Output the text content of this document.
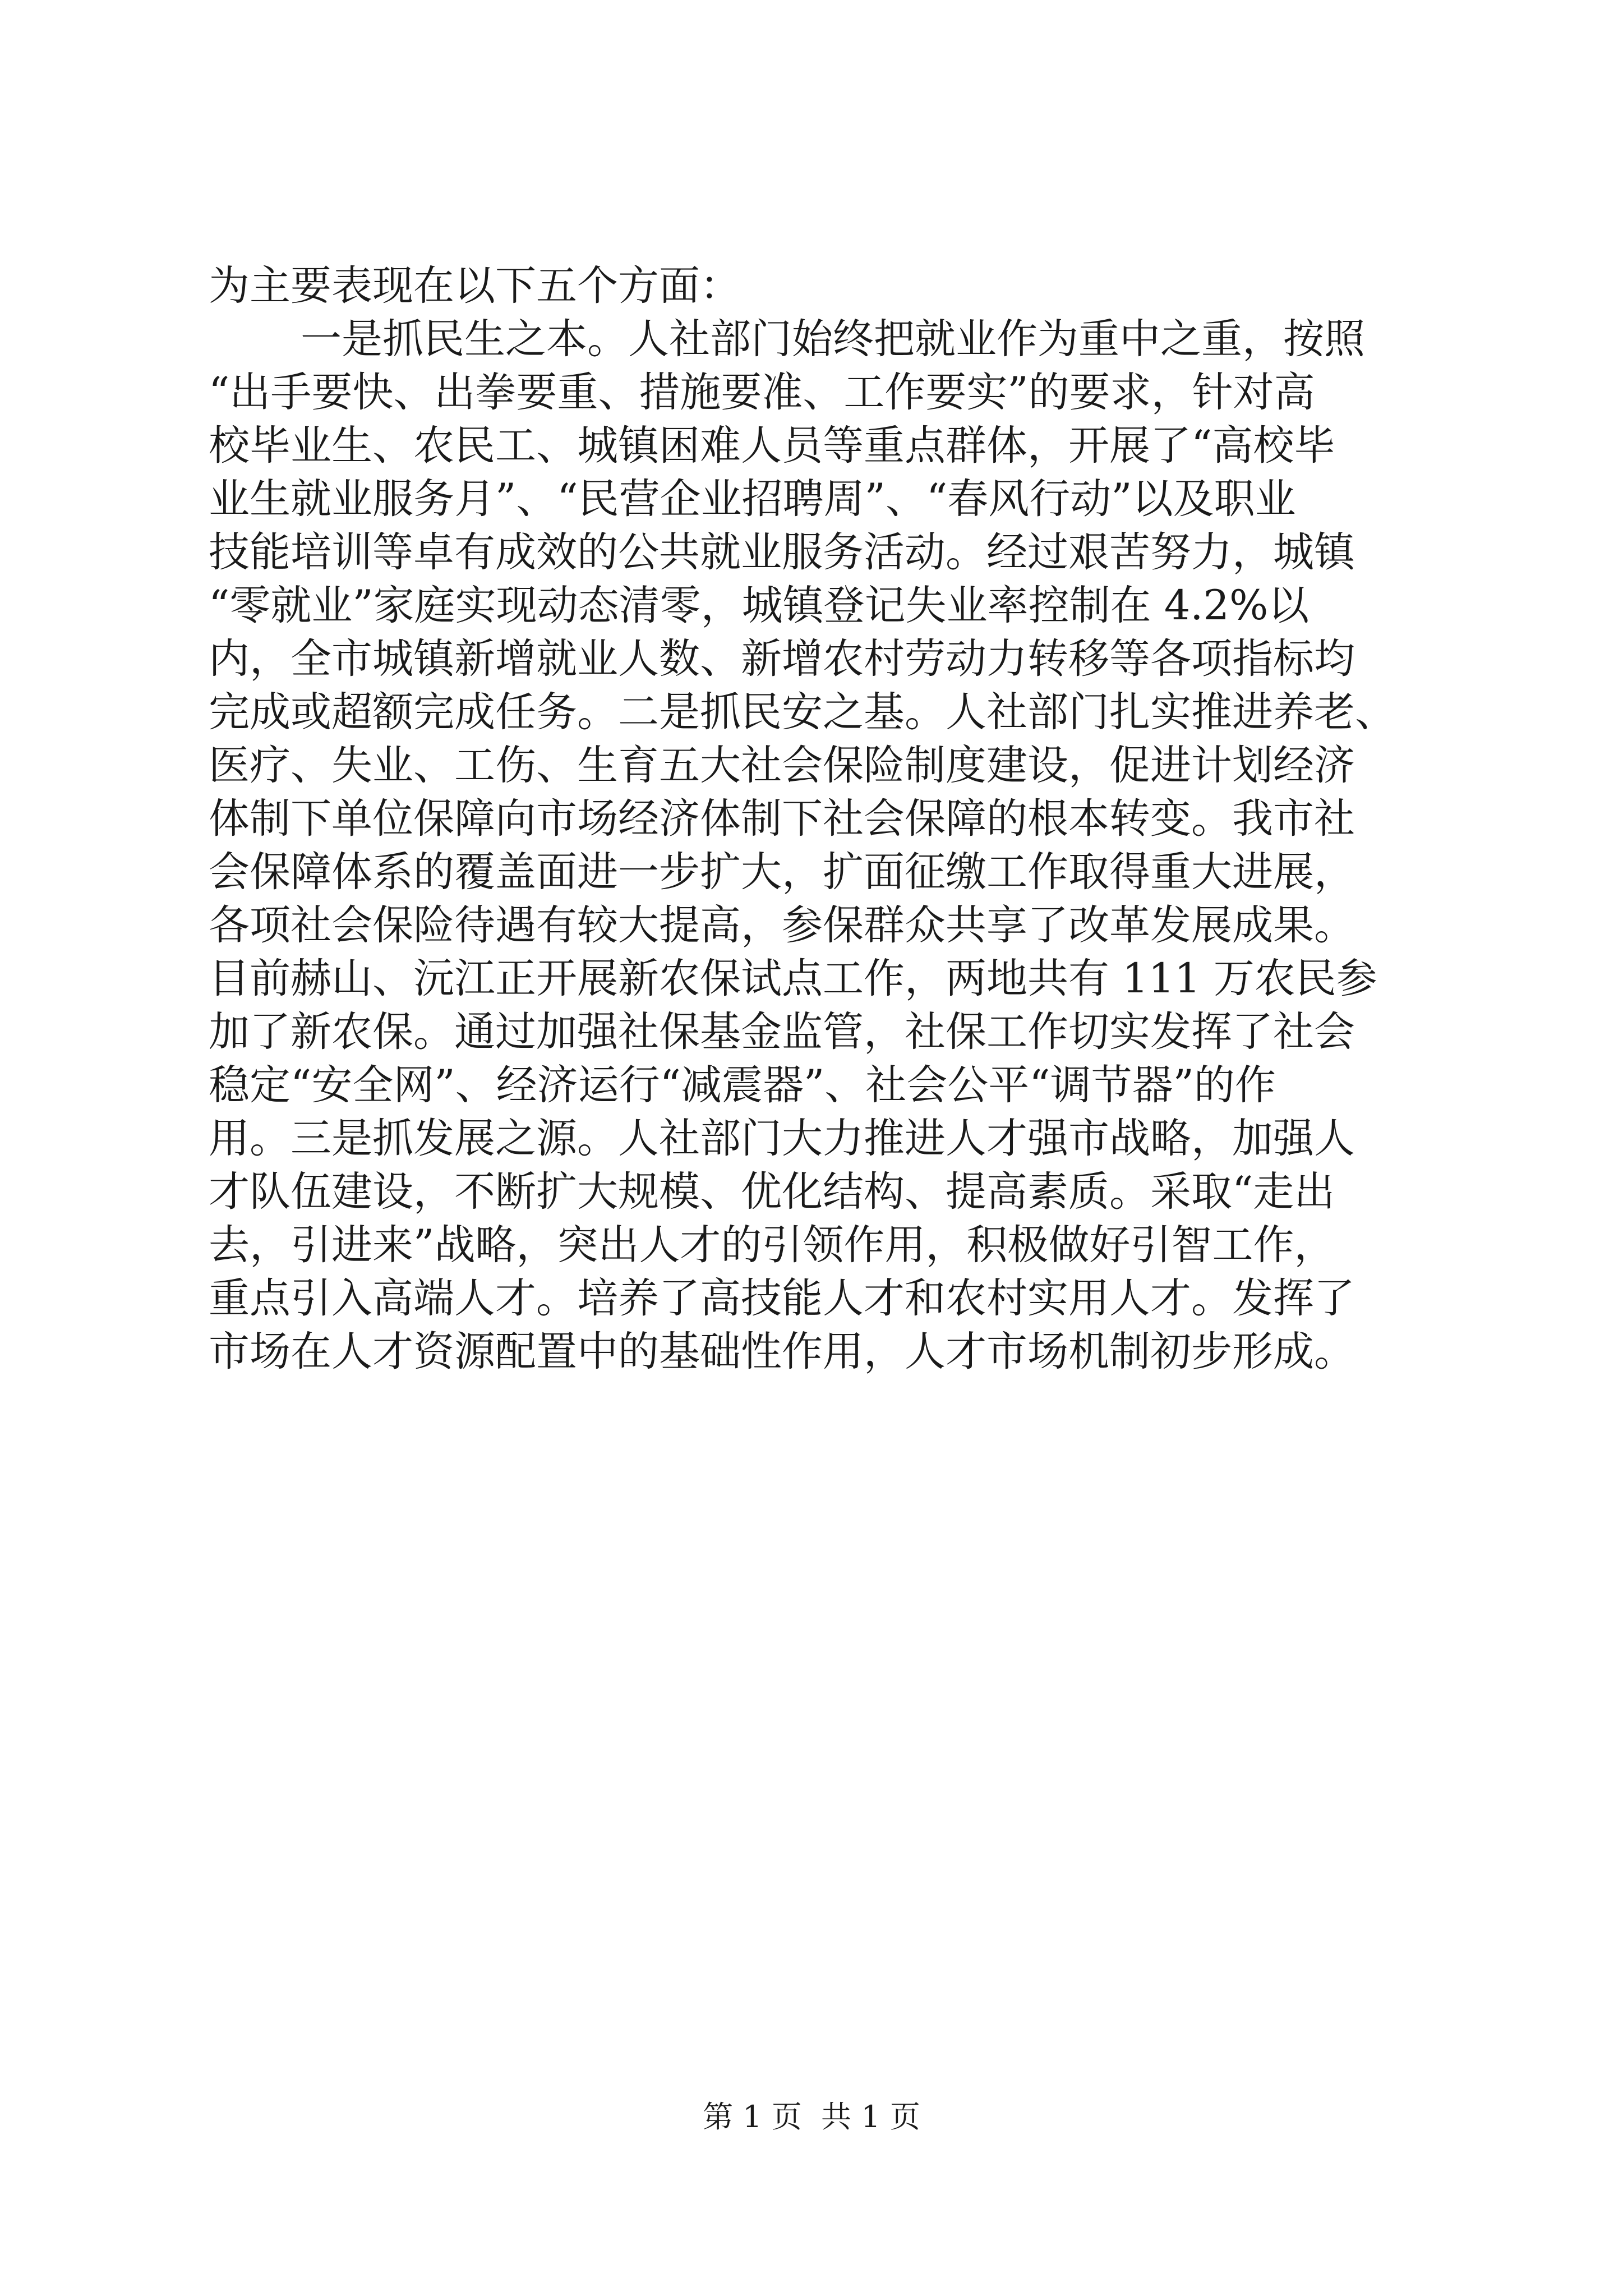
为主要表现在以下五个方面：
一是抓民生之本。人社部门始终把就业作为重中之重，按照
“出手要快、出拳要重、措施要准、工作要实”的要求，针对高
校毕业生、农民工、城镇困难人员等重点群体，开展了“高校毕
业生就业服务月”、“民营企业招聘周”、“春风行动”以及职业
技能培训等卓有成效的公共就业服务活动。经过艰苦努力，城镇
“零就业”家庭实现动态清零，城镇登记失业率控制在 4.2%以
内，全市城镇新增就业人数、新增农村劳动力转移等各项指标均
完成或超额完成任务。二是抓民安之基。人社部门扎实推进养老、
医疗、失业、工伤、生育五大社会保险制度建设，促进计划经济
体制下单位保障向市场经济体制下社会保障的根本转变。我市社
会保障体系的覆盖面进一步扩大，扩面征缴工作取得重大进展，
各项社会保险待遇有较大提高，参保群众共享了改革发展成果。
目前赫山、沅江正开展新农保试点工作，两地共有 111 万农民参
加了新农保。通过加强社保基金监管，社保工作切实发挥了社会
稳定“安全网”、经济运行“减震器”、社会公平“调节器”的作
用。三是抓发展之源。人社部门大力推进人才强市战略，加强人
才队伍建设，不断扩大规模、优化结构、提高素质。采取“走出
去，引进来”战略，突出人才的引领作用，积极做好引智工作，
重点引入高端人才。培养了高技能人才和农村实用人才。发挥了
市场在人才资源配置中的基础性作用，人才市场机制初步形成。
第 1 页  共 1 页
